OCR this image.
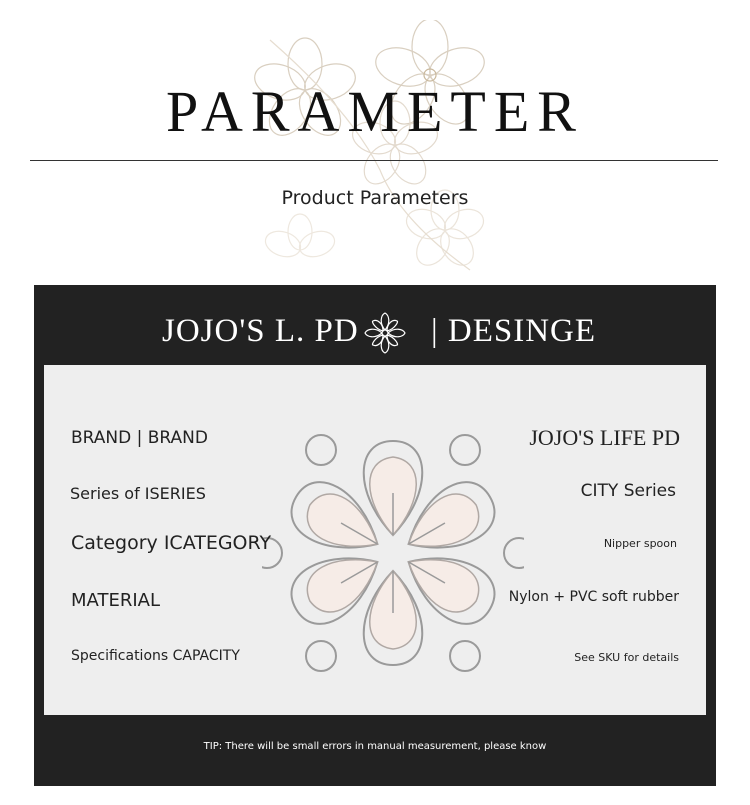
PARAMETER
Product Parameters
JOJO'S L. PD | DESINGE
BRAND | BRAND
Series of ISERIES
Category ICATEGORY
MATERIAL
Specifications CAPACITY
JOJO'S LIFE PD
CITY Series
Nipper spoon
Nylon + PVC soft rubber
See SKU for details
TIP: There will be small errors in manual measurement, please know
